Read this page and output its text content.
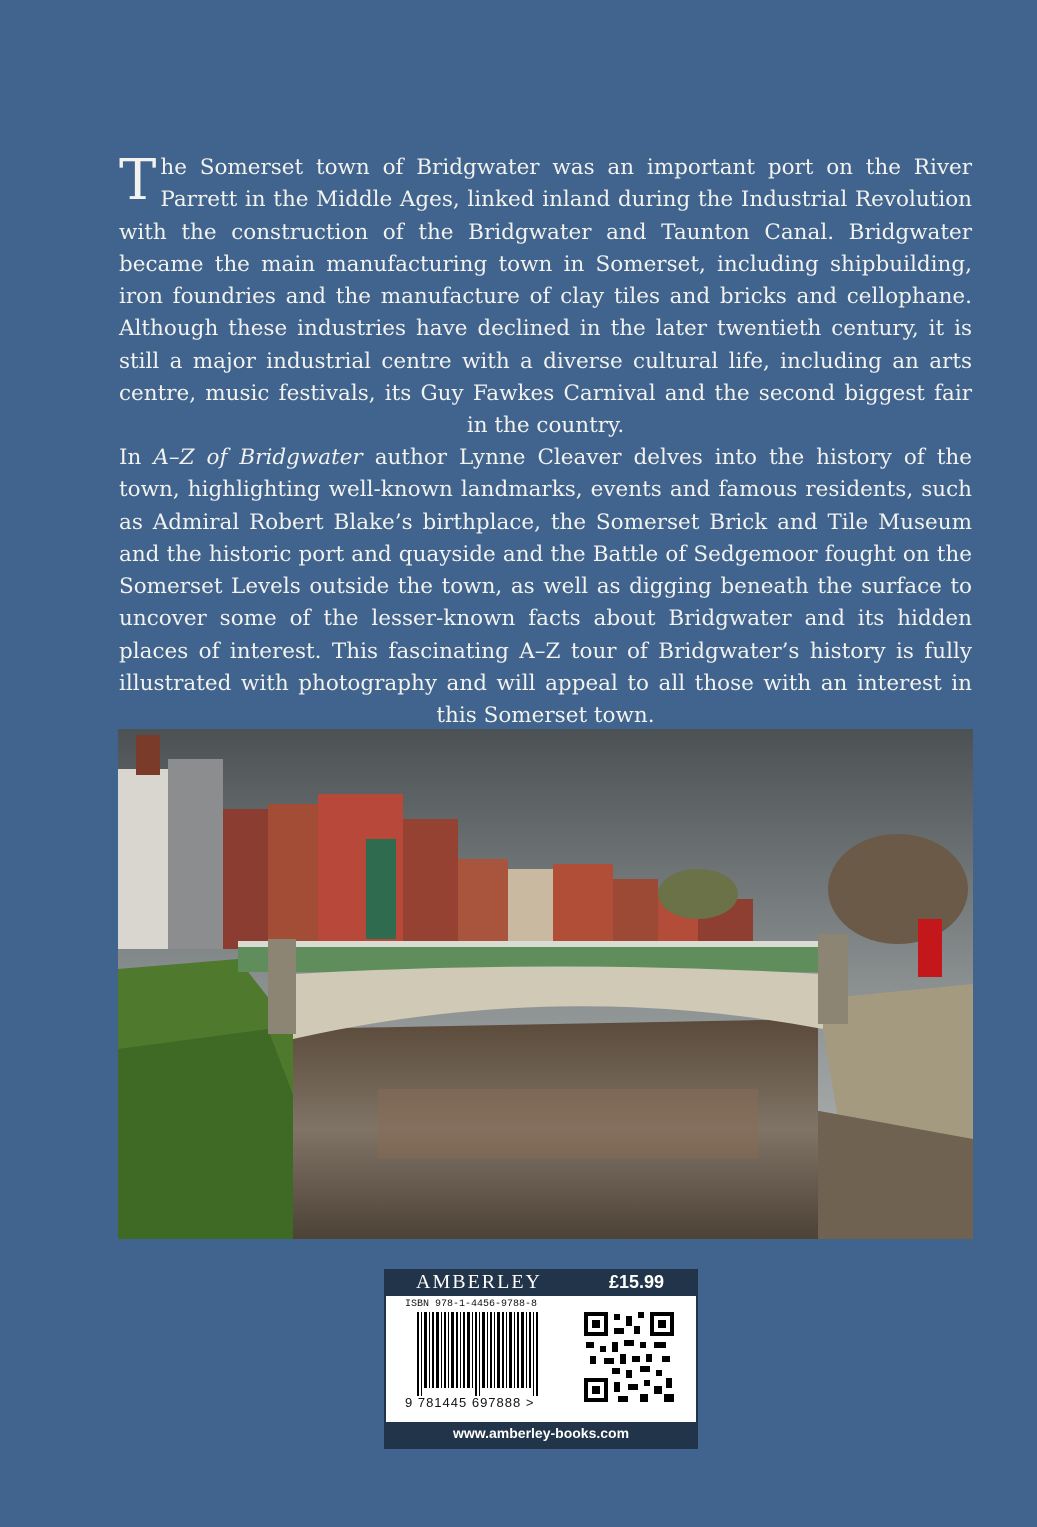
The Somerset town of Bridgwater was an important port on the River Parrett in the Middle Ages, linked inland during the Industrial Revolution with the construction of the Bridgwater and Taunton Canal. Bridgwater became the main manufacturing town in Somerset, including shipbuilding, iron foundries and the manufacture of clay tiles and bricks and cellophane. Although these industries have declined in the later twentieth century, it is still a major industrial centre with a diverse cultural life, including an arts centre, music festivals, its Guy Fawkes Carnival and the second biggest fair in the country.

In A–Z of Bridgwater author Lynne Cleaver delves into the history of the town, highlighting well-known landmarks, events and famous residents, such as Admiral Robert Blake’s birthplace, the Somerset Brick and Tile Museum and the historic port and quayside and the Battle of Sedgemoor fought on the Somerset Levels outside the town, as well as digging beneath the surface to uncover some of the lesser-known facts about Bridgwater and its hidden places of interest. This fascinating A–Z tour of Bridgwater’s history is fully illustrated with photography and will appeal to all those with an interest in this Somerset town.

AMBERLEY	£15.99
ISBN 978-1-4456-9788-8
9 781445 697888 >
www.amberley-books.com
